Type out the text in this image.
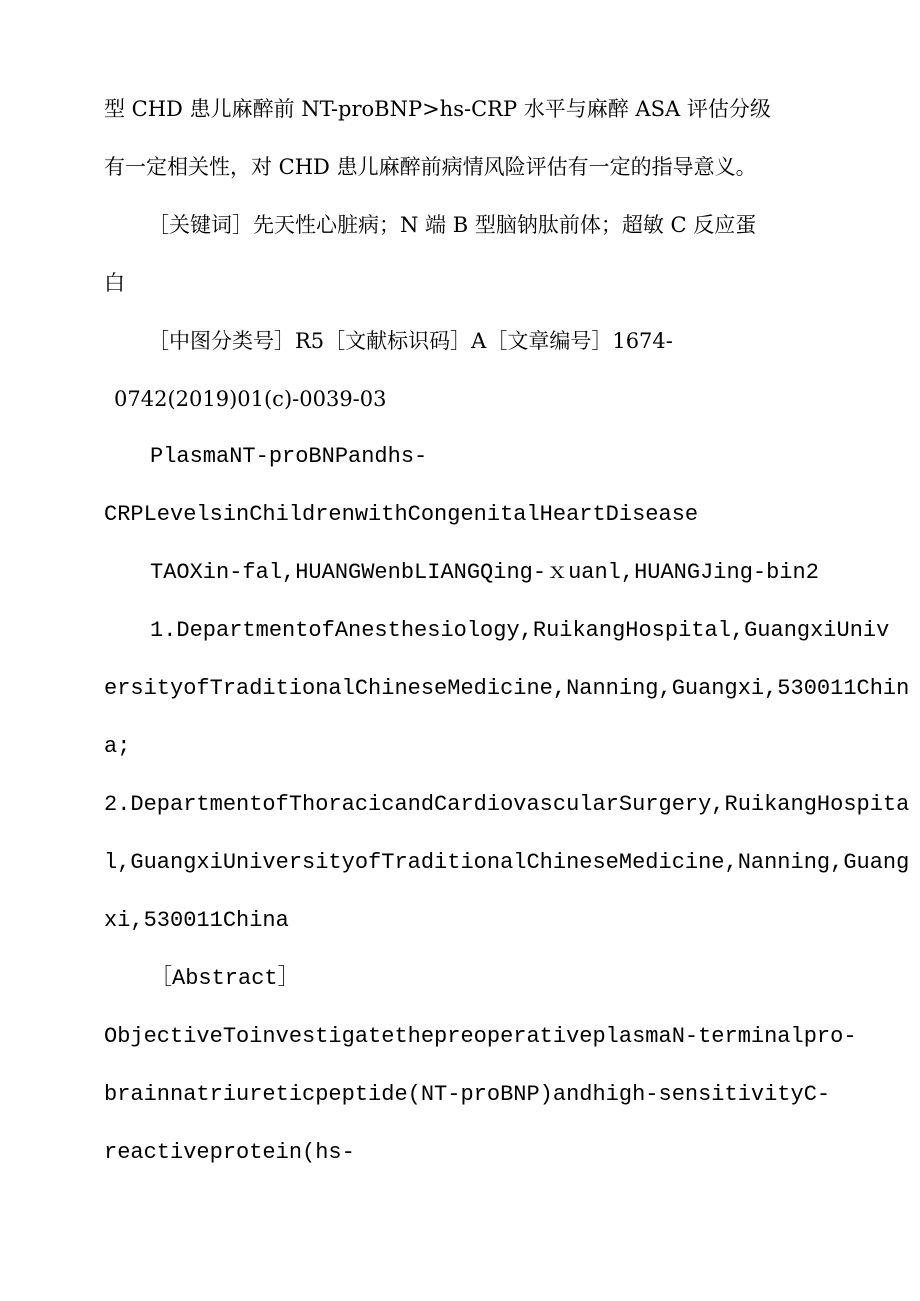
型 CHD 患儿麻醉前 NT-proBNP>hs-CRP 水平与麻醉 ASA 评估分级
有一定相关性，对 CHD 患儿麻醉前病情风险评估有一定的指导意义。
［关键词］先天性心脏病；N 端 B 型脑钠肽前体；超敏 C 反应蛋
白
［中图分类号］R5［文献标识码］A［文章编号］1674-
0742(2019)01(c)-0039-03
PlasmaNT-proBNPandhs-
CRPLevelsinChildrenwithCongenitalHeartDisease
TAOXin-fal,HUANGWenbLIANGQing-ｘuanl,HUANGJing-bin2
1.DepartmentofAnesthesiology,RuikangHospital,GuangxiUniv
ersityofTraditionalChineseMedicine,Nanning,Guangxi,530011Chin
a;
2.DepartmentofThoracicandCardiovascularSurgery,RuikangHospita
l,GuangxiUniversityofTraditionalChineseMedicine,Nanning,Guang
xi,530011China
［Abstract］
ObjectiveToinvestigatethepreoperativeplasmaN-terminalpro-
brainnatriureticpeptide(NT-proBNP)andhigh-sensitivityC-
reactiveprotein(hs-
